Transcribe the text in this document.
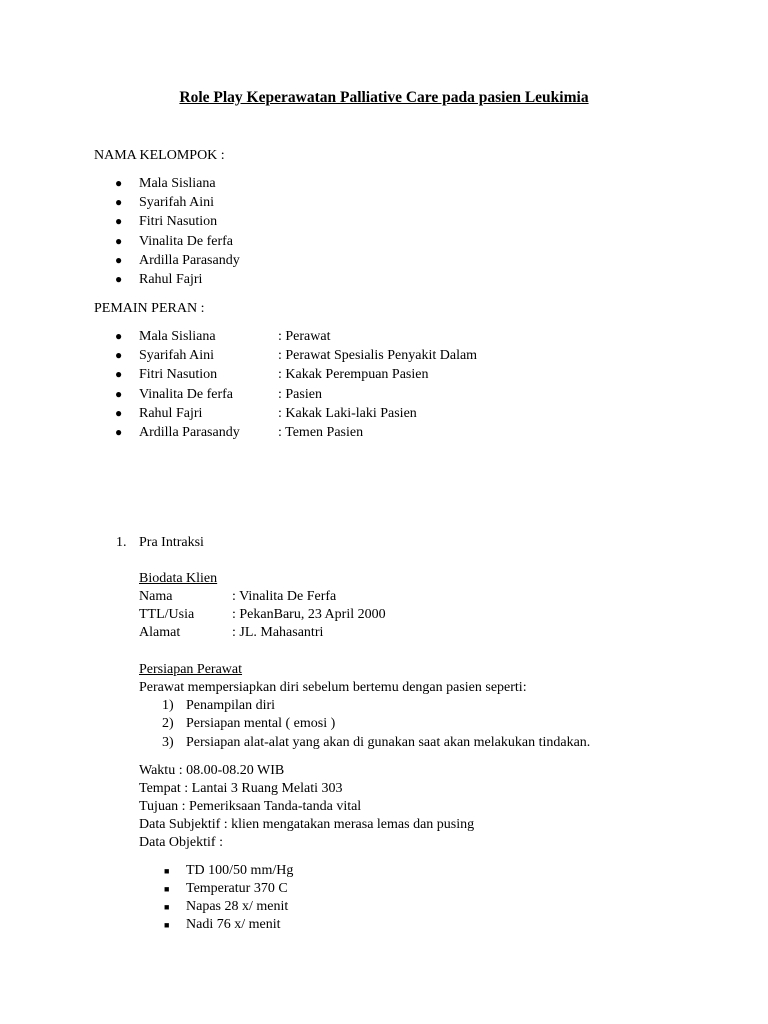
Role Play Keperawatan Palliative Care pada pasien Leukimia
NAMA KELOMPOK :
● Mala Sisliana
● Syarifah Aini
● Fitri Nasution
● Vinalita De ferfa
● Ardilla Parasandy
● Rahul Fajri
PEMAIN PERAN :
● Mala Sisliana	: Perawat
● Syarifah Aini	: Perawat Spesialis Penyakit Dalam
● Fitri Nasution	: Kakak Perempuan Pasien
● Vinalita De ferfa	: Pasien
● Rahul Fajri	: Kakak Laki-laki Pasien
● Ardilla Parasandy	: Temen Pasien
1. Pra Intraksi
Biodata Klien
Nama	: Vinalita De Ferfa
TTL/Usia	: PekanBaru, 23 April 2000
Alamat	: JL. Mahasantri
Persiapan Perawat
Perawat mempersiapkan diri sebelum bertemu dengan pasien seperti:
1) Penampilan diri
2) Persiapan mental ( emosi )
3) Persiapan alat-alat yang akan di gunakan saat akan melakukan tindakan.
Waktu : 08.00-08.20 WIB
Tempat : Lantai 3 Ruang Melati 303
Tujuan : Pemeriksaan Tanda-tanda vital
Data Subjektif : klien mengatakan merasa lemas dan pusing
Data Objektif :
■ TD 100/50 mm/Hg
■ Temperatur 370 C
■ Napas 28 x/ menit
■ Nadi 76 x/ menit
